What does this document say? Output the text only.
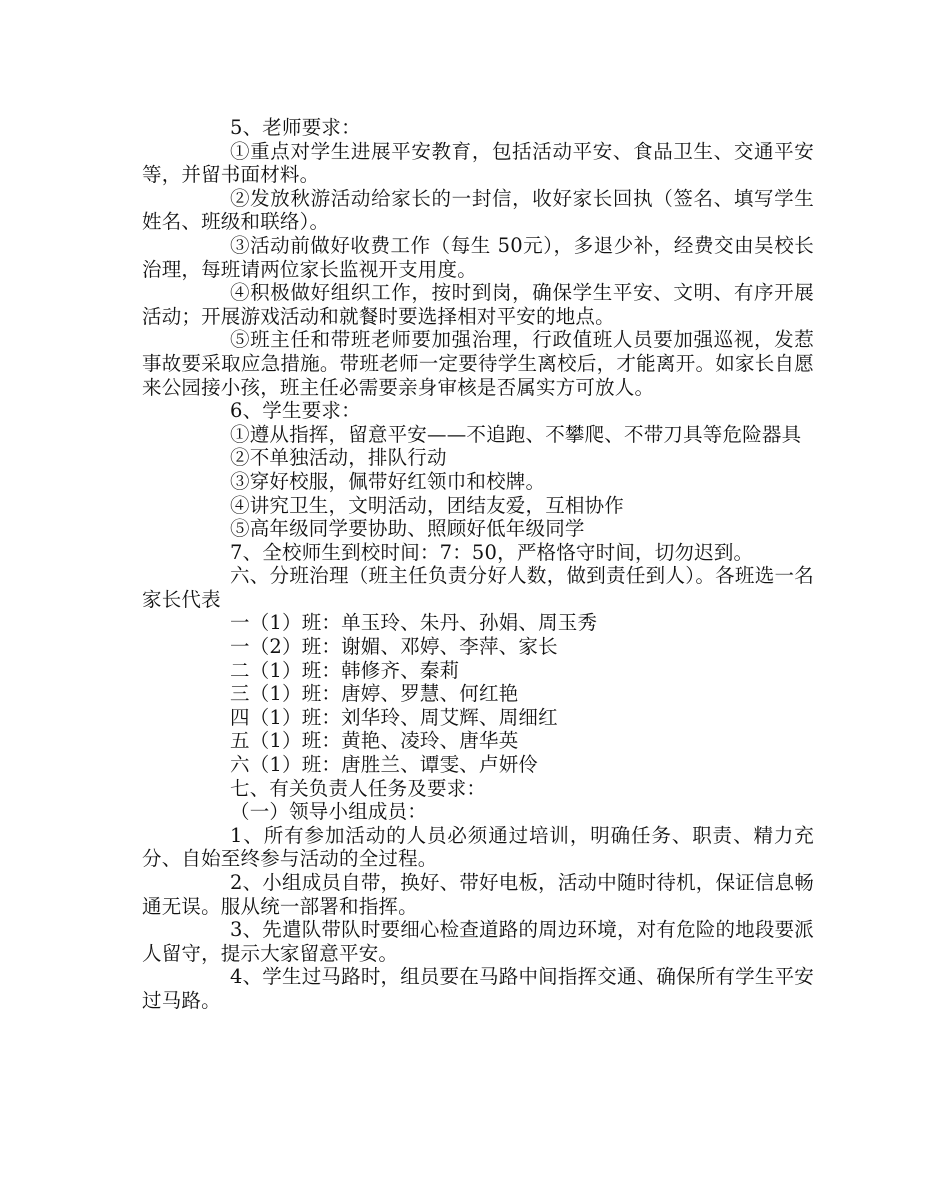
5、老师要求：

①重点对学生进展平安教育，包括活动平安、食品卫生、交通平安等，并留书面材料。

②发放秋游活动给家长的一封信，收好家长回执（签名、填写学生姓名、班级和联络）。

③活动前做好收费工作（每生 50元），多退少补，经费交由吴校长治理，每班请两位家长监视开支用度。

④积极做好组织工作，按时到岗，确保学生平安、文明、有序开展活动；开展游戏活动和就餐时要选择相对平安的地点。

⑤班主任和带班老师要加强治理，行政值班人员要加强巡视，发惹事故要采取应急措施。带班老师一定要待学生离校后，才能离开。如家长自愿来公园接小孩，班主任必需要亲身审核是否属实方可放人。

6、学生要求：

①遵从指挥，留意平安——不追跑、不攀爬、不带刀具等危险器具

②不单独活动，排队行动

③穿好校服，佩带好红领巾和校牌。

④讲究卫生，文明活动，团结友爱，互相协作

⑤高年级同学要协助、照顾好低年级同学

7、全校师生到校时间：7：50，严格恪守时间，切勿迟到。

六、分班治理（班主任负责分好人数，做到责任到人）。各班选一名家长代表

一（1）班：单玉玲、朱丹、孙娟、周玉秀

一（2）班：谢媚、邓婷、李萍、家长

二（1）班：韩修齐、秦莉

三（1）班：唐婷、罗慧、何红艳

四（1）班：刘华玲、周艾辉、周细红

五（1）班：黄艳、凌玲、唐华英

六（1）班：唐胜兰、谭雯、卢妍伶

七、有关负责人任务及要求：

（一）领导小组成员：

1、所有参加活动的人员必须通过培训，明确任务、职责、精力充分、自始至终参与活动的全过程。

2、小组成员自带，换好、带好电板，活动中随时待机，保证信息畅通无误。服从统一部署和指挥。

3、先遣队带队时要细心检查道路的周边环境，对有危险的地段要派人留守，提示大家留意平安。

4、学生过马路时，组员要在马路中间指挥交通、确保所有学生平安过马路。
